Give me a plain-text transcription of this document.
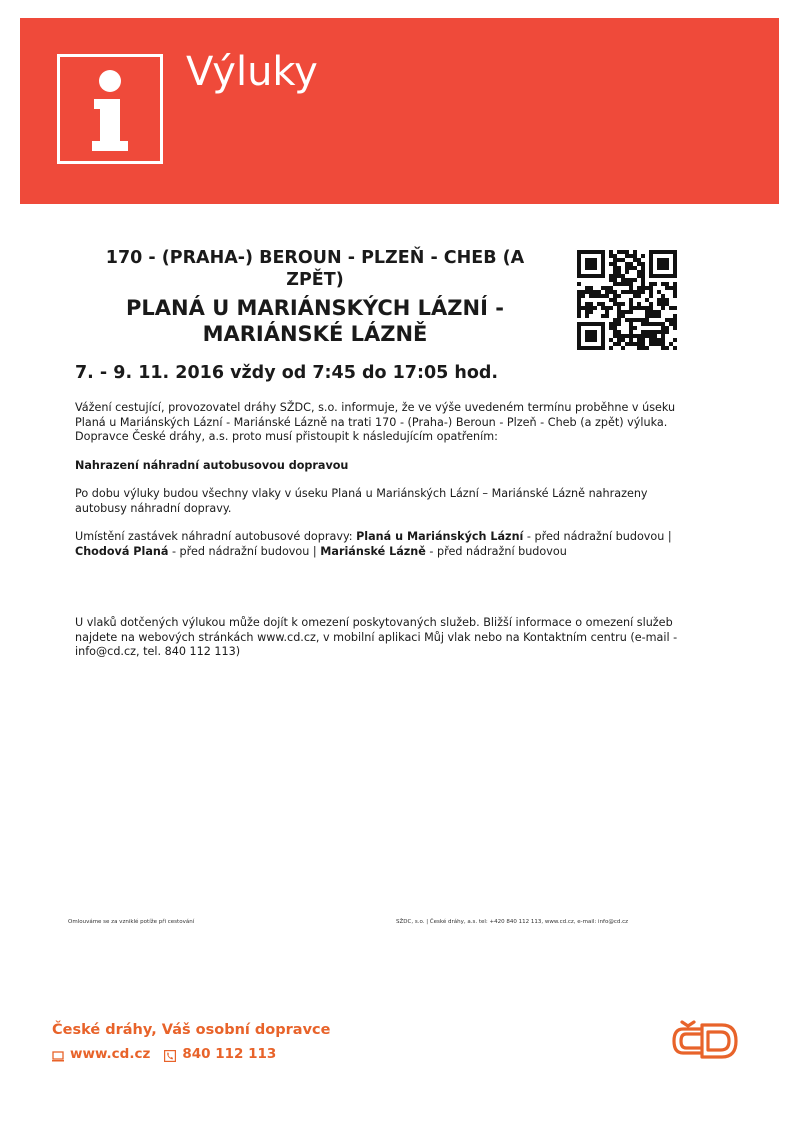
Výluky
170 - (PRAHA-) BEROUN - PLZEŇ - CHEB (A ZPĚT)
PLANÁ U MARIÁNSKÝCH LÁZNÍ - MARIÁNSKÉ LÁZNĚ
7. - 9. 11. 2016 vždy od 7:45 do 17:05 hod.
Vážení cestující, provozovatel dráhy SŽDC, s.o. informuje, že ve výše uvedeném termínu proběhne v úseku Planá u Mariánských Lázní - Mariánské Lázně na trati 170 - (Praha-) Beroun - Plzeň - Cheb (a zpět) výluka. Dopravce České dráhy, a.s. proto musí přistoupit k následujícím opatřením:
Nahrazení náhradní autobusovou dopravou
Po dobu výluky budou všechny vlaky v úseku Planá u Mariánských Lázní – Mariánské Lázně nahrazeny autobusy náhradní dopravy.
Umístění zastávek náhradní autobusové dopravy: Planá u Mariánských Lázní - před nádražní budovou | Chodová Planá - před nádražní budovou | Mariánské Lázně - před nádražní budovou
U vlaků dotčených výlukou může dojít k omezení poskytovaných služeb. Bližší informace o omezení služeb najdete na webových stránkách www.cd.cz, v mobilní aplikaci Můj vlak nebo na Kontaktním centru (e-mail - info@cd.cz, tel. 840 112 113)
Omlouváme se za vzniklé potíže při cestování	SŽDC, s.o. | České dráhy, a.s. tel: +420 840 112 113, www.cd.cz, e-mail: info@cd.cz
České dráhy, Váš osobní dopravce
www.cd.cz 840 112 113
